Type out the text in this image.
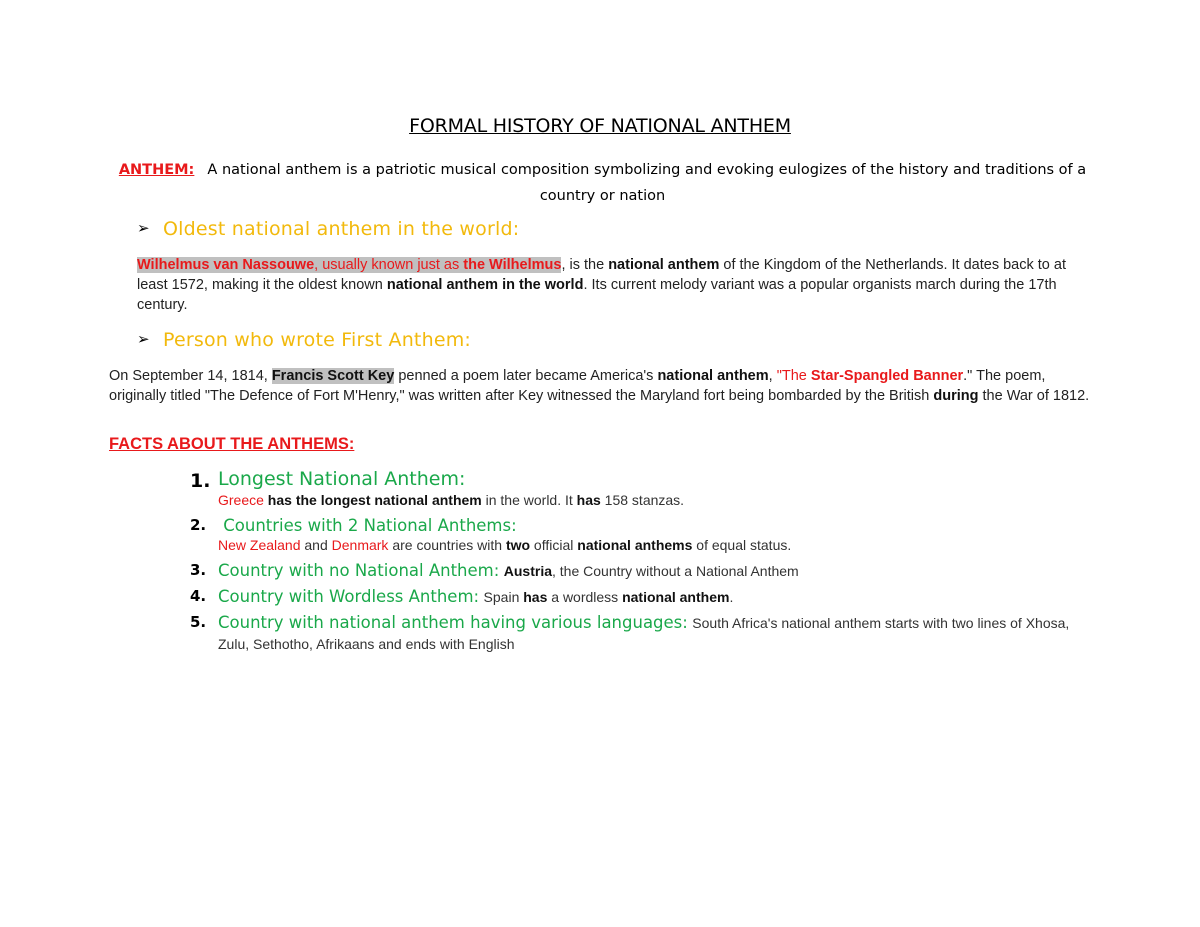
FORMAL HISTORY OF NATIONAL ANTHEM
ANTHEM: A national anthem is a patriotic musical composition symbolizing and evoking eulogizes of the history and traditions of a country or nation
➢ Oldest national anthem in the world:
Wilhelmus van Nassouwe, usually known just as the Wilhelmus, is the national anthem of the Kingdom of the Netherlands. It dates back to at least 1572, making it the oldest known national anthem in the world. Its current melody variant was a popular organists march during the 17th century.
➢ Person who wrote First Anthem:
On September 14, 1814, Francis Scott Key penned a poem later became America's national anthem, "The Star-Spangled Banner." The poem, originally titled "The Defence of Fort M'Henry," was written after Key witnessed the Maryland fort being bombarded by the British during the War of 1812.
FACTS ABOUT THE ANTHEMS:
1. Longest National Anthem:
Greece has the longest national anthem in the world. It has 158 stanzas.
2.	Countries with 2 National Anthems:
New Zealand and Denmark are countries with two official national anthems of equal status.
3. Country with no National Anthem: Austria, the Country without a National Anthem
4. Country with Wordless Anthem: Spain has a wordless national anthem.
5. Country with national anthem having various languages: South Africa's national anthem starts with two lines of Xhosa, Zulu, Sethotho, Afrikaans and ends with English
